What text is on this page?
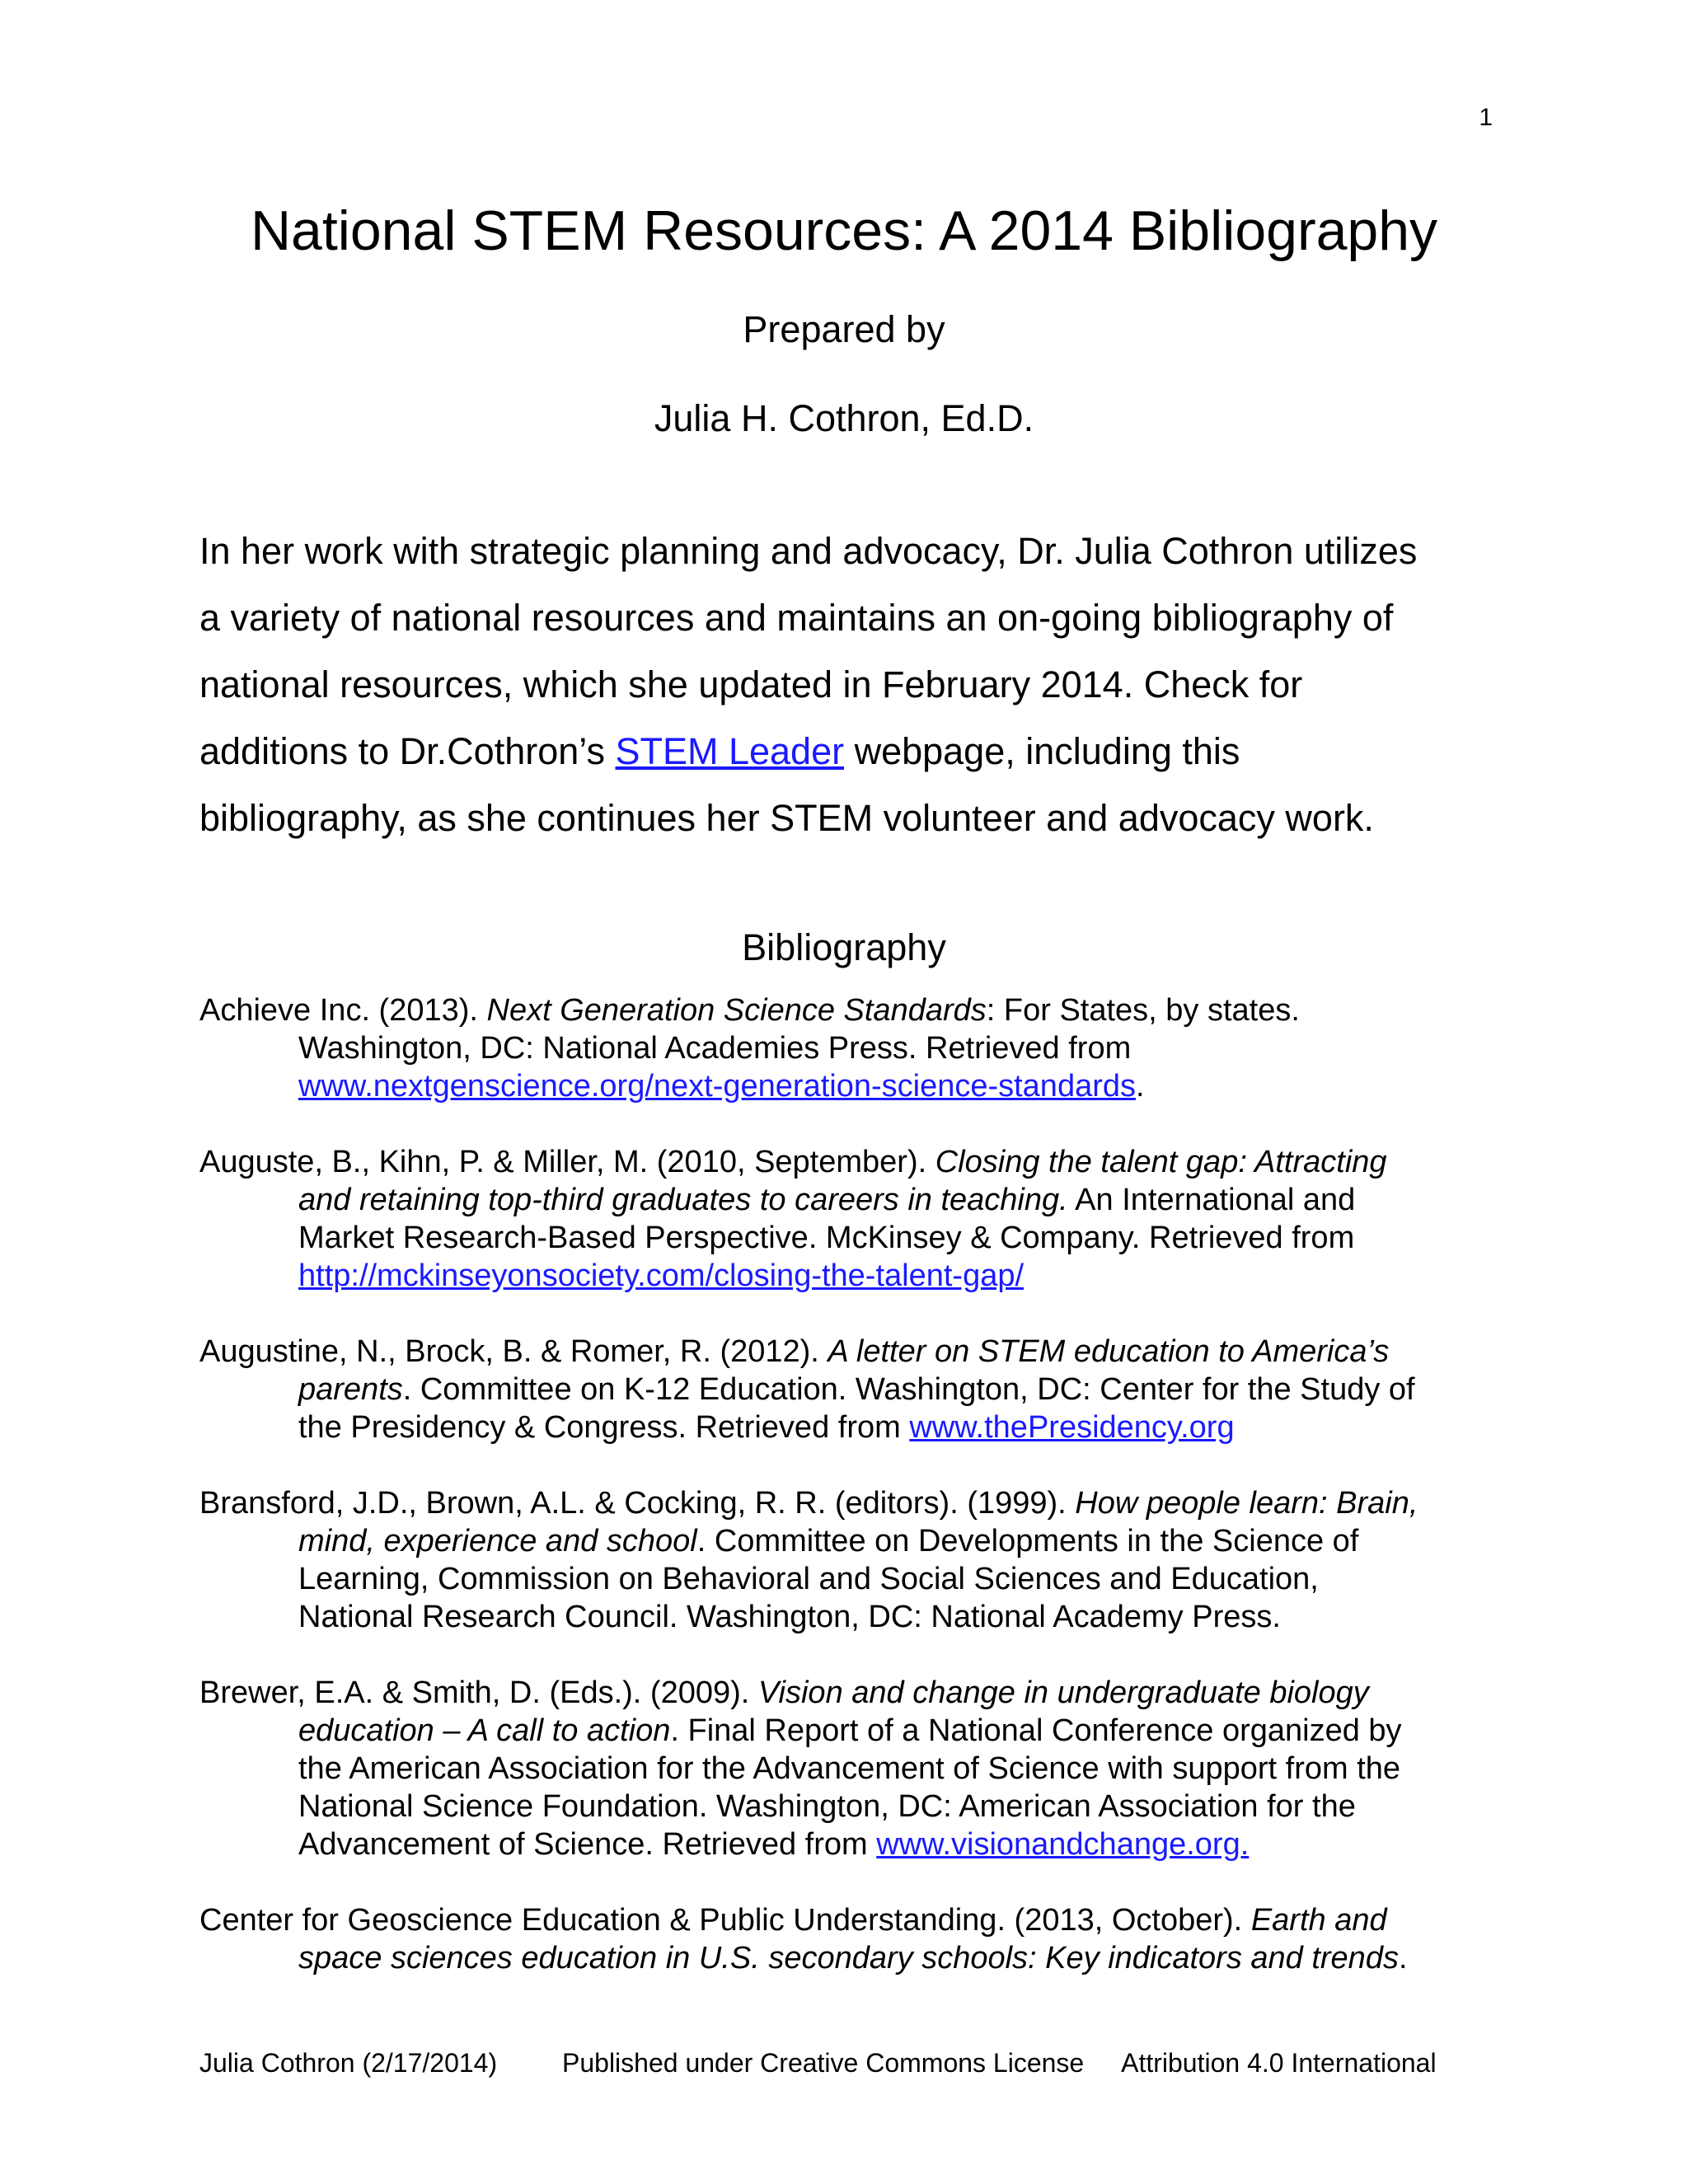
1
National STEM Resources: A 2014 Bibliography
Prepared by
Julia H. Cothron, Ed.D.

In her work with strategic planning and advocacy, Dr. Julia Cothron utilizes
a variety of national resources and maintains an on-going bibliography of
national resources, which she updated in February 2014. Check for
additions to Dr.Cothron’s STEM Leader webpage, including this
bibliography, as she continues her STEM volunteer and advocacy work.

Bibliography
Achieve Inc. (2013). Next Generation Science Standards: For States, by states.
Washington, DC: National Academies Press. Retrieved from
www.nextgenscience.org/next-generation-science-standards.
Auguste, B., Kihn, P. & Miller, M. (2010, September). Closing the talent gap: Attracting
and retaining top-third graduates to careers in teaching. An International and
Market Research-Based Perspective. McKinsey & Company. Retrieved from
http://mckinseyonsociety.com/closing-the-talent-gap/
Augustine, N., Brock, B. & Romer, R. (2012). A letter on STEM education to America’s
parents. Committee on K-12 Education. Washington, DC: Center for the Study of
the Presidency & Congress. Retrieved from www.thePresidency.org
Bransford, J.D., Brown, A.L. & Cocking, R. R. (editors). (1999). How people learn: Brain,
mind, experience and school. Committee on Developments in the Science of
Learning, Commission on Behavioral and Social Sciences and Education,
National Research Council. Washington, DC: National Academy Press.
Brewer, E.A. & Smith, D. (Eds.). (2009). Vision and change in undergraduate biology
education – A call to action. Final Report of a National Conference organized by
the American Association for the Advancement of Science with support from the
National Science Foundation. Washington, DC: American Association for the
Advancement of Science. Retrieved from www.visionandchange.org.
Center for Geoscience Education & Public Understanding. (2013, October). Earth and
space sciences education in U.S. secondary schools: Key indicators and trends.
Julia Cothron (2/17/2014) Published under Creative Commons License Attribution 4.0 International
